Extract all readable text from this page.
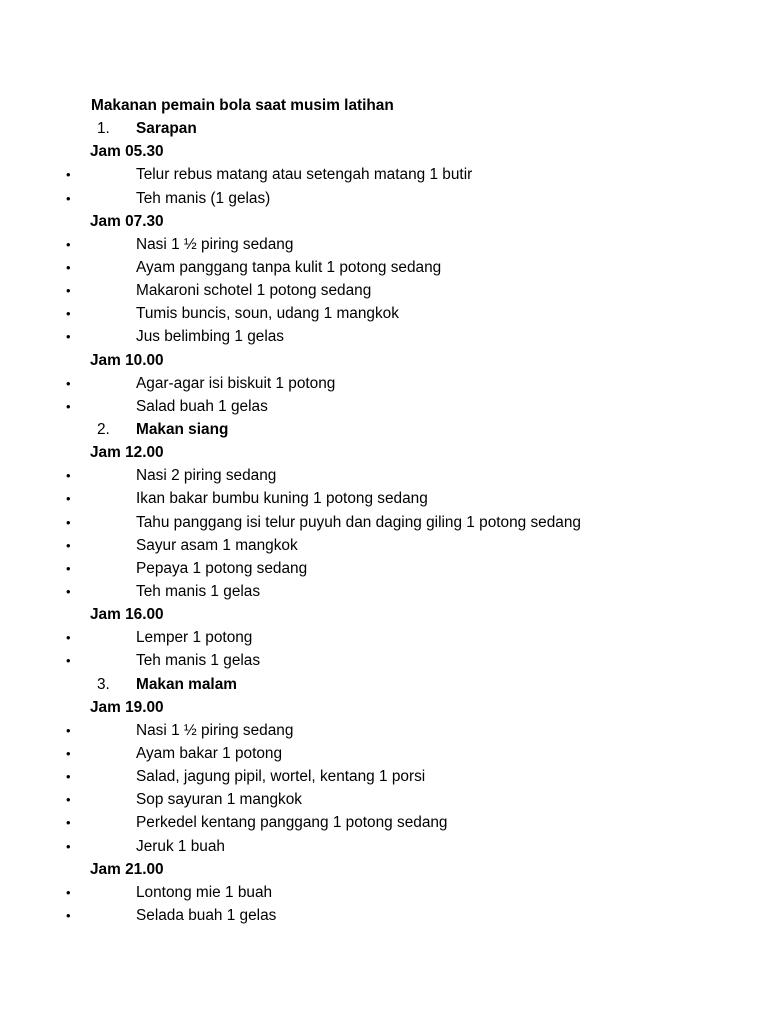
Makanan pemain bola saat musim latihan
1. Sarapan
Jam 05.30
•	Telur rebus matang atau setengah matang 1 butir
•	Teh manis (1 gelas)
Jam 07.30
•	Nasi 1 ½ piring sedang
•	Ayam panggang tanpa kulit 1 potong sedang
•	Makaroni schotel 1 potong sedang
•	Tumis buncis, soun, udang 1 mangkok
•	Jus belimbing 1 gelas
Jam 10.00
•	Agar-agar isi biskuit 1 potong
•	Salad buah 1 gelas
2. Makan siang
Jam 12.00
•	Nasi 2 piring sedang
•	Ikan bakar bumbu kuning 1 potong sedang
•	Tahu panggang isi telur puyuh dan daging giling 1 potong sedang
•	Sayur asam 1 mangkok
•	Pepaya 1 potong sedang
•	Teh manis 1 gelas
Jam 16.00
•	Lemper 1 potong
•	Teh manis 1 gelas
3. Makan malam
Jam 19.00
•	Nasi 1 ½ piring sedang
•	Ayam bakar 1 potong
•	Salad, jagung pipil, wortel, kentang 1 porsi
•	Sop sayuran 1 mangkok
•	Perkedel kentang panggang 1 potong sedang
•	Jeruk 1 buah
Jam 21.00
•	Lontong mie 1 buah
•	Selada buah 1 gelas
